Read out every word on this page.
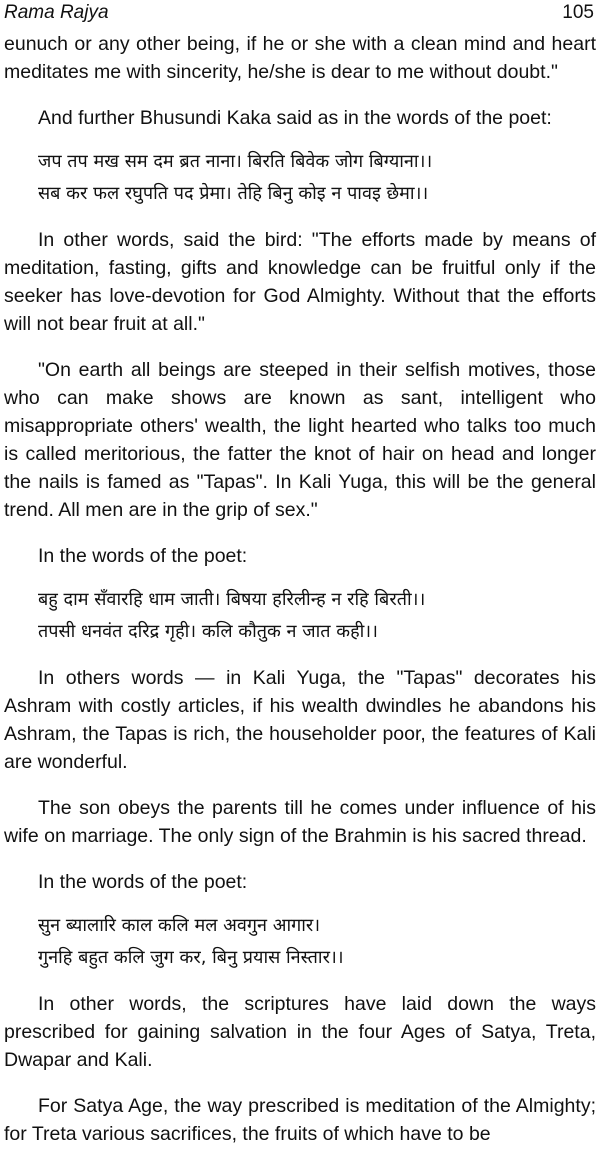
Rama Rajya	105

eunuch or any other being, if he or she with a clean mind and heart meditates me with sincerity, he/she is dear to me without doubt."

And further Bhusundi Kaka said as in the words of the poet:

जप तप मख सम दम ब्रत नाना। बिरति बिवेक जोग बिग्याना।।
सब कर फल रघुपति पद प्रेमा। तेहि बिनु कोइ न पावइ छेमा।।

In other words, said the bird: "The efforts made by means of meditation, fasting, gifts and knowledge can be fruitful only if the seeker has love-devotion for God Almighty. Without that the efforts will not bear fruit at all."

"On earth all beings are steeped in their selfish motives, those who can make shows are known as sant, intelligent who misappropriate others' wealth, the light hearted who talks too much is called meritorious, the fatter the knot of hair on head and longer the nails is famed as "Tapas". In Kali Yuga, this will be the general trend. All men are in the grip of sex."

In the words of the poet:

बहु दाम सँवारहि धाम जाती। बिषया हरिलीन्ह न रहि बिरती।।
तपसी धनवंत दरिद्र गृही। कलि कौतुक न जात कही।।

In others words — in Kali Yuga, the "Tapas" decorates his Ashram with costly articles, if his wealth dwindles he abandons his Ashram, the Tapas is rich, the householder poor, the features of Kali are wonderful.

The son obeys the parents till he comes under influence of his wife on marriage. The only sign of the Brahmin is his sacred thread.

In the words of the poet:

सुन ब्यालारि काल कलि मल अवगुन आगार।
गुनहि बहुत कलि जुग कर, बिनु प्रयास निस्तार।।

In other words, the scriptures have laid down the ways prescribed for gaining salvation in the four Ages of Satya, Treta, Dwapar and Kali.

For Satya Age, the way prescribed is meditation of the Almighty; for Treta various sacrifices, the fruits of which have to be
